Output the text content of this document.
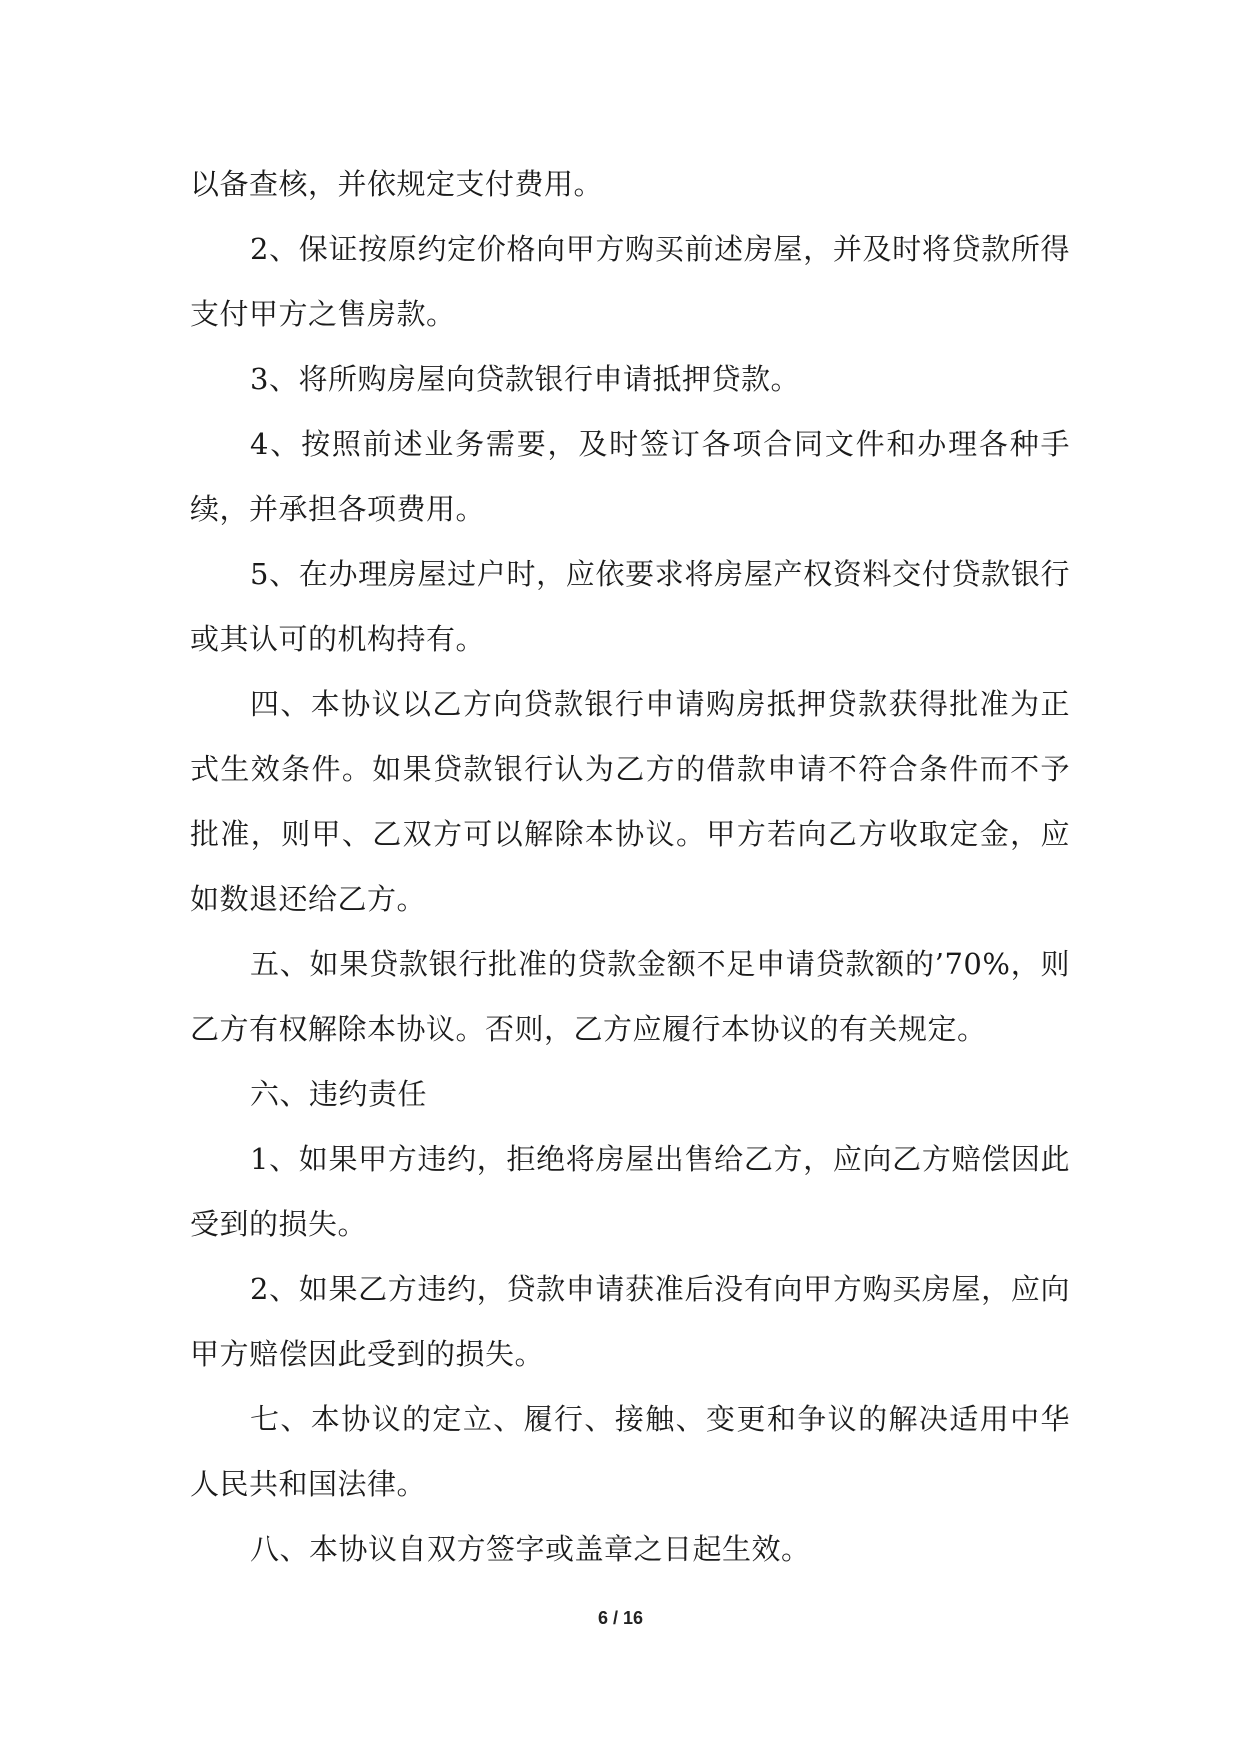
以备查核，并依规定支付费用。

2、保证按原约定价格向甲方购买前述房屋，并及时将贷款所得支付甲方之售房款。

3、将所购房屋向贷款银行申请抵押贷款。

4、按照前述业务需要，及时签订各项合同文件和办理各种手续，并承担各项费用。

5、在办理房屋过户时，应依要求将房屋产权资料交付贷款银行或其认可的机构持有。

四、本协议以乙方向贷款银行申请购房抵押贷款获得批准为正式生效条件。如果贷款银行认为乙方的借款申请不符合条件而不予批准，则甲、乙双方可以解除本协议。甲方若向乙方收取定金，应如数退还给乙方。

五、如果贷款银行批准的贷款金额不足申请贷款额的’70%，则乙方有权解除本协议。否则，乙方应履行本协议的有关规定。

六、违约责任

1、如果甲方违约，拒绝将房屋出售给乙方，应向乙方赔偿因此受到的损失。

2、如果乙方违约，贷款申请获准后没有向甲方购买房屋，应向甲方赔偿因此受到的损失。

七、本协议的定立、履行、接触、变更和争议的解决适用中华人民共和国法律。

八、本协议自双方签字或盖章之日起生效。

6 / 16
